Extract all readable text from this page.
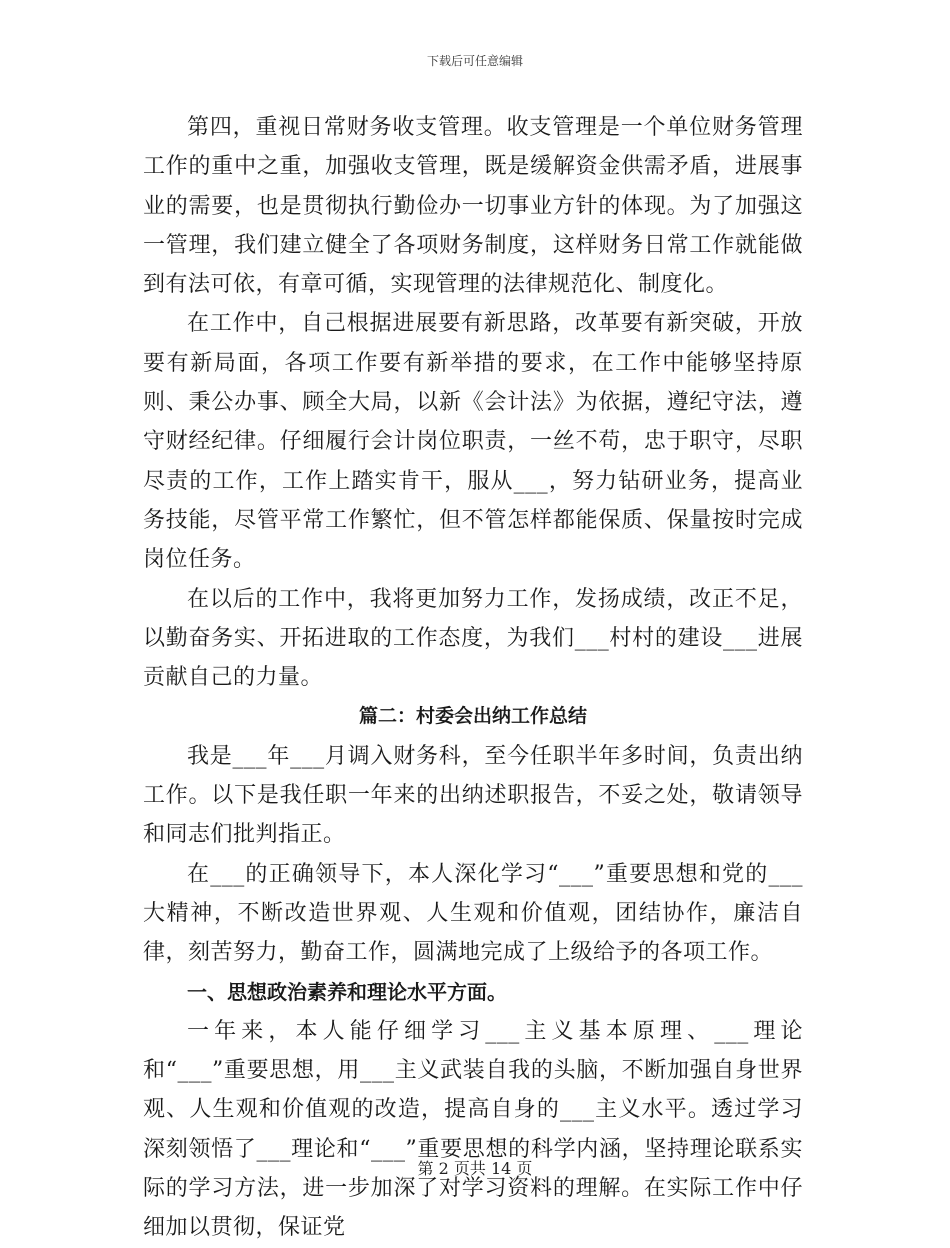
下载后可任意编辑

第四，重视日常财务收支管理。收支管理是一个单位财务管理工作的重中之重，加强收支管理，既是缓解资金供需矛盾，进展事业的需要，也是贯彻执行勤俭办一切事业方针的体现。为了加强这一管理，我们建立健全了各项财务制度，这样财务日常工作就能做到有法可依，有章可循，实现管理的法律规范化、制度化。

在工作中，自己根据进展要有新思路，改革要有新突破，开放要有新局面，各项工作要有新举措的要求，在工作中能够坚持原则、秉公办事、顾全大局，以新《会计法》为依据，遵纪守法，遵守财经纪律。仔细履行会计岗位职责，一丝不苟，忠于职守，尽职尽责的工作，工作上踏实肯干，服从___，努力钻研业务，提高业务技能，尽管平常工作繁忙，但不管怎样都能保质、保量按时完成岗位任务。

在以后的工作中，我将更加努力工作，发扬成绩，改正不足，以勤奋务实、开拓进取的工作态度，为我们___村村的建设___进展贡献自己的力量。

篇二：村委会出纳工作总结

我是___年___月调入财务科，至今任职半年多时间，负责出纳工作。以下是我任职一年来的出纳述职报告，不妥之处，敬请领导和同志们批判指正。

在___的正确领导下，本人深化学习“___”重要思想和党的___大精神，不断改造世界观、人生观和价值观，团结协作，廉洁自律，刻苦努力，勤奋工作，圆满地完成了上级给予的各项工作。

一、思想政治素养和理论水平方面。

一年来，本人能仔细学习___主义基本原理、___理论和“___”重要思想，用___主义武装自我的头脑，不断加强自身世界观、人生观和价值观的改造，提高自身的___主义水平。透过学习深刻领悟了___理论和“___”重要思想的科学内涵，坚持理论联系实际的学习方法，进一步加深了对学习资料的理解。在实际工作中仔细加以贯彻，保证党

第 2 页共 14 页
